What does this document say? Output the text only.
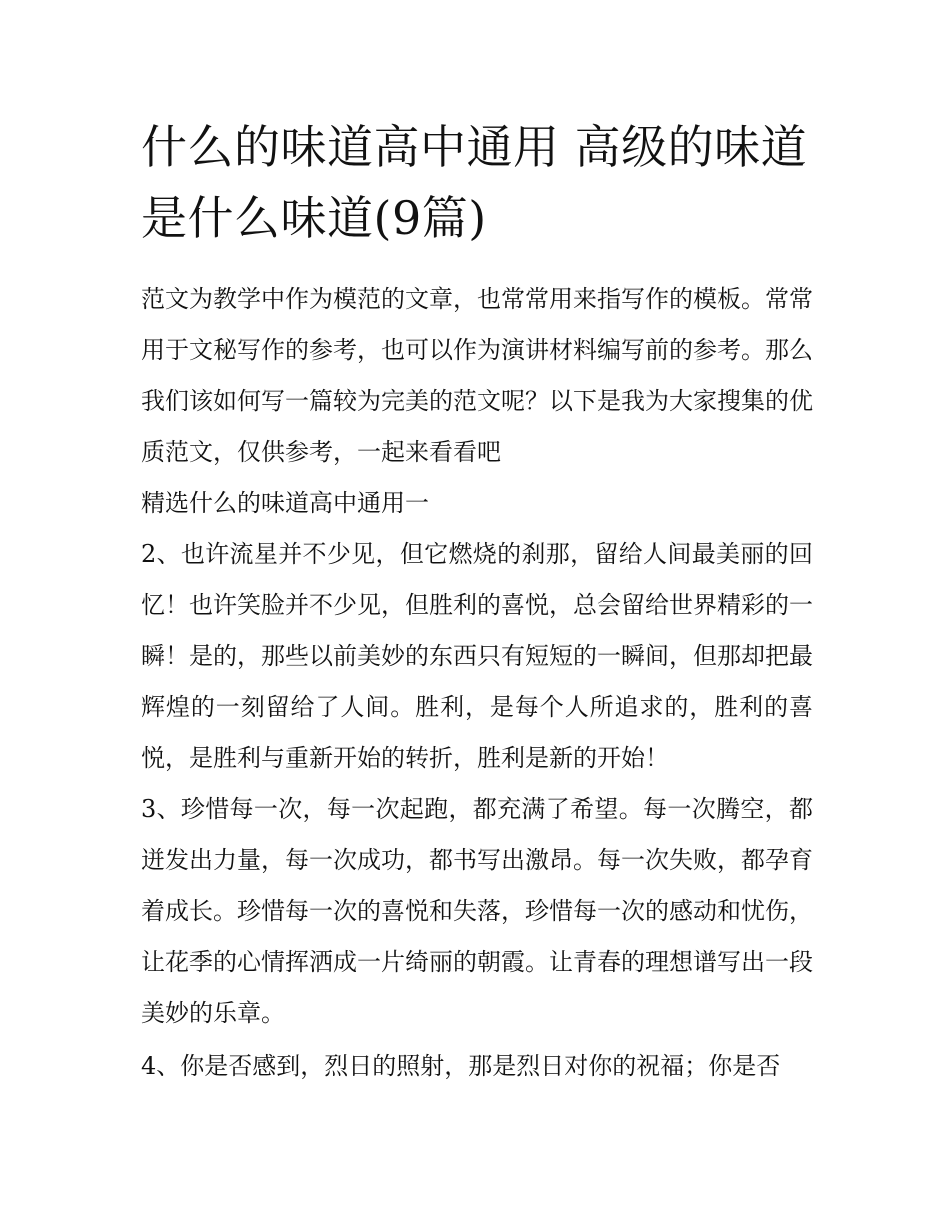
什么的味道高中通用 高级的味道是什么味道(9篇)

范文为教学中作为模范的文章，也常常用来指写作的模板。常常用于文秘写作的参考，也可以作为演讲材料编写前的参考。那么我们该如何写一篇较为完美的范文呢？以下是我为大家搜集的优质范文，仅供参考，一起来看看吧

精选什么的味道高中通用一

2、也许流星并不少见，但它燃烧的刹那，留给人间最美丽的回忆！也许笑脸并不少见，但胜利的喜悦，总会留给世界精彩的一瞬！是的，那些以前美妙的东西只有短短的一瞬间，但那却把最辉煌的一刻留给了人间。胜利，是每个人所追求的，胜利的喜悦，是胜利与重新开始的转折，胜利是新的开始！

3、珍惜每一次，每一次起跑，都充满了希望。每一次腾空，都迸发出力量，每一次成功，都书写出激昂。每一次失败，都孕育着成长。珍惜每一次的喜悦和失落，珍惜每一次的感动和忧伤，让花季的心情挥洒成一片绮丽的朝霞。让青春的理想谱写出一段美妙的乐章。

4、你是否感到，烈日的照射，那是烈日对你的祝福；你是否
